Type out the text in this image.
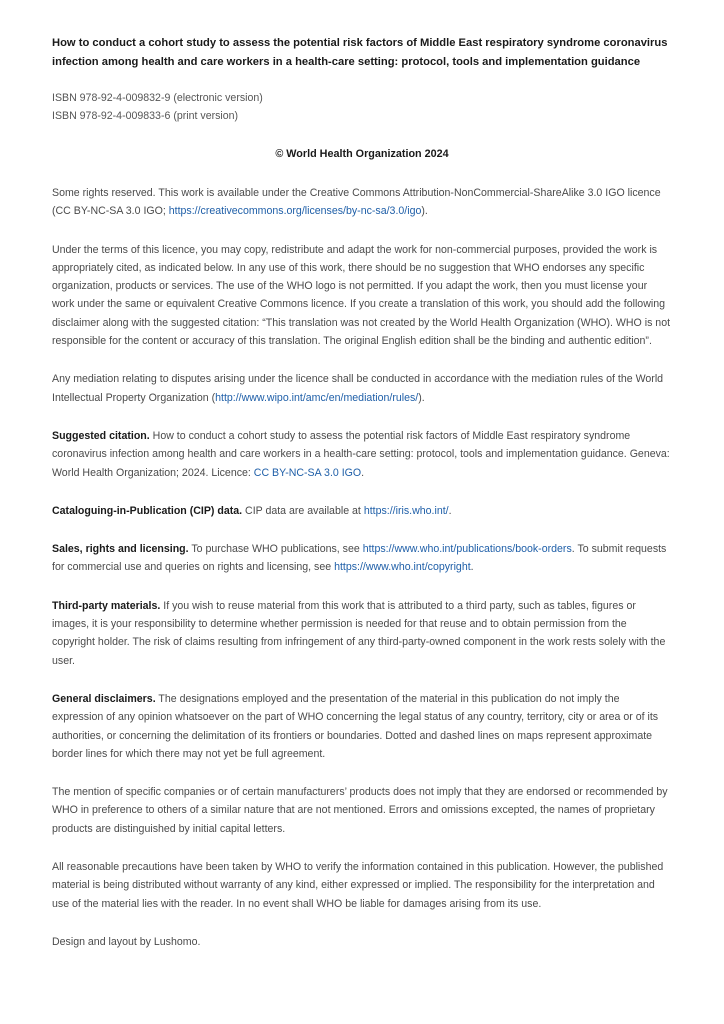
How to conduct a cohort study to assess the potential risk factors of Middle East respiratory syndrome coronavirus infection among health and care workers in a health-care setting: protocol, tools and implementation guidance

ISBN 978-92-4-009832-9 (electronic version)

ISBN 978-92-4-009833-6 (print version)

© World Health Organization 2024

Some rights reserved. This work is available under the Creative Commons Attribution-NonCommercial-ShareAlike 3.0 IGO licence (CC BY-NC-SA 3.0 IGO; https://creativecommons.org/licenses/by-nc-sa/3.0/igo).

Under the terms of this licence, you may copy, redistribute and adapt the work for non-commercial purposes, provided the work is appropriately cited, as indicated below. In any use of this work, there should be no suggestion that WHO endorses any specific organization, products or services. The use of the WHO logo is not permitted. If you adapt the work, then you must license your work under the same or equivalent Creative Commons licence. If you create a translation of this work, you should add the following disclaimer along with the suggested citation: “This translation was not created by the World Health Organization (WHO). WHO is not responsible for the content or accuracy of this translation. The original English edition shall be the binding and authentic edition”.

Any mediation relating to disputes arising under the licence shall be conducted in accordance with the mediation rules of the World Intellectual Property Organization (http://www.wipo.int/amc/en/mediation/rules/).

Suggested citation. How to conduct a cohort study to assess the potential risk factors of Middle East respiratory syndrome coronavirus infection among health and care workers in a health-care setting: protocol, tools and implementation guidance. Geneva: World Health Organization; 2024. Licence: CC BY-NC-SA 3.0 IGO.

Cataloguing-in-Publication (CIP) data. CIP data are available at https://iris.who.int/.

Sales, rights and licensing. To purchase WHO publications, see https://www.who.int/publications/book-orders. To submit requests for commercial use and queries on rights and licensing, see https://www.who.int/copyright.

Third-party materials. If you wish to reuse material from this work that is attributed to a third party, such as tables, figures or images, it is your responsibility to determine whether permission is needed for that reuse and to obtain permission from the copyright holder. The risk of claims resulting from infringement of any third-party-owned component in the work rests solely with the user.

General disclaimers. The designations employed and the presentation of the material in this publication do not imply the expression of any opinion whatsoever on the part of WHO concerning the legal status of any country, territory, city or area or of its authorities, or concerning the delimitation of its frontiers or boundaries. Dotted and dashed lines on maps represent approximate border lines for which there may not yet be full agreement.

The mention of specific companies or of certain manufacturers’ products does not imply that they are endorsed or recommended by WHO in preference to others of a similar nature that are not mentioned. Errors and omissions excepted, the names of proprietary products are distinguished by initial capital letters.

All reasonable precautions have been taken by WHO to verify the information contained in this publication. However, the published material is being distributed without warranty of any kind, either expressed or implied. The responsibility for the interpretation and use of the material lies with the reader. In no event shall WHO be liable for damages arising from its use.

Design and layout by Lushomo.
